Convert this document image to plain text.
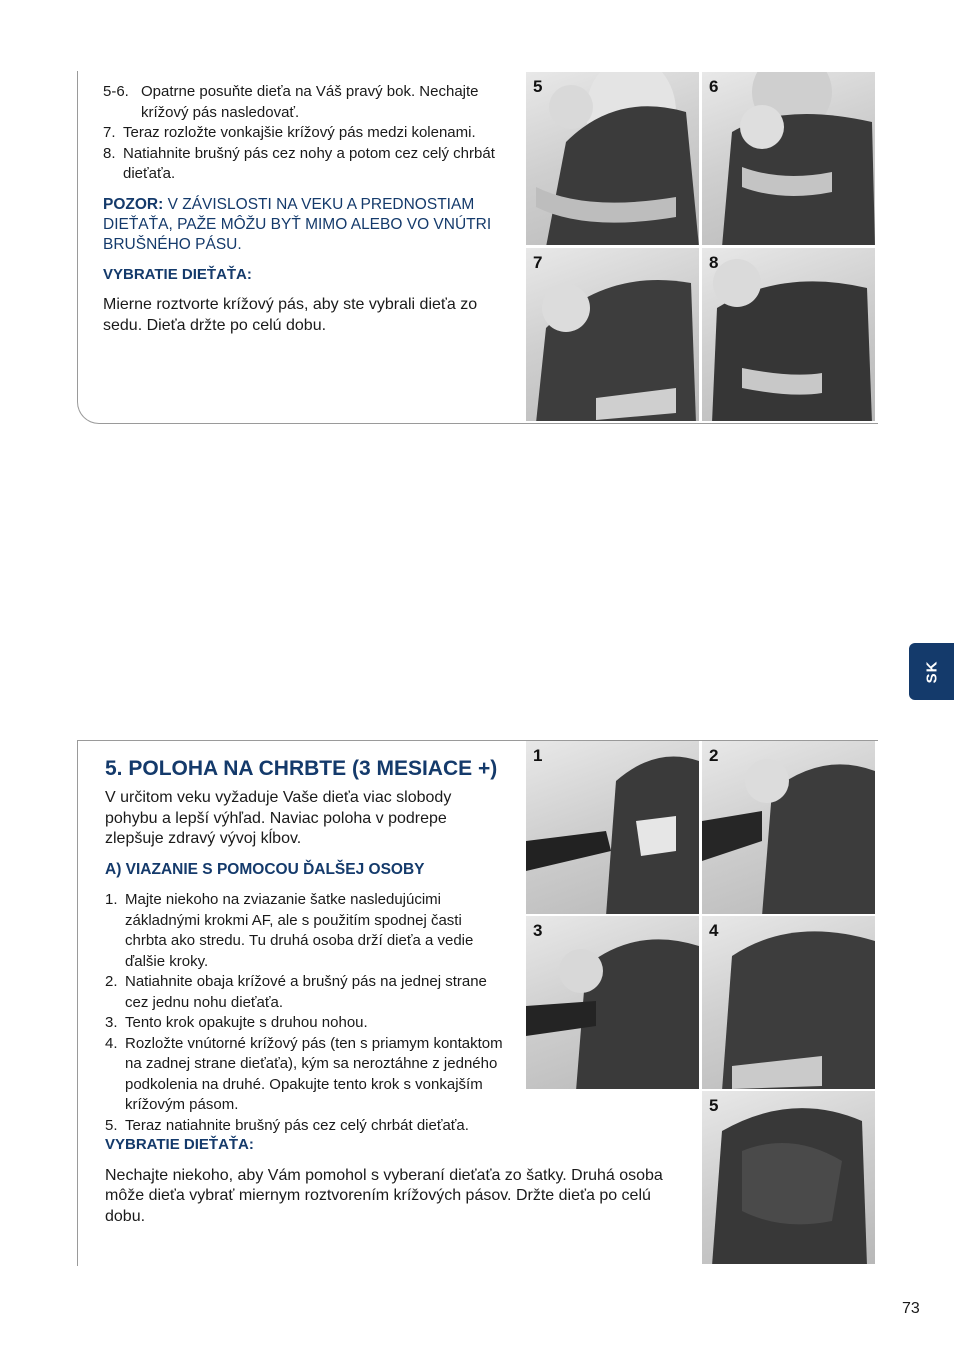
5-6. Opatrne posuňte dieťa na Váš pravý bok. Nechajte krížový pás nasledovať.
7. Teraz rozložte vonkajšie krížový pás medzi kolenami.
8. Natiahnite brušný pás cez nohy a potom cez celý chrbát dieťaťa.
POZOR: V ZÁVISLOSTI NA VEKU A PREDNOSTIAM DIEŤAŤA, PAŽE MÔŽU BYŤ MIMO ALEBO VO VNÚTRI BRUŠNÉHO PÁSU.
VYBRATIE DIEŤAŤA:
Mierne roztvorte krížový pás, aby ste vybrali dieťa zo sedu. Dieťa držte po celú dobu.
5	6
7	8
SK
5. POLOHA NA CHRBTE (3 MESIACE +)
V určitom veku vyžaduje Vaše dieťa viac slobody pohybu a lepší výhľad. Naviac poloha v podrepe zlepšuje zdravý vývoj kĺbov.
A) VIAZANIE S POMOCOU ĎALŠEJ OSOBY
1. Majte niekoho na zviazanie šatke nasledujúcimi základnými krokmi AF, ale s použitím spodnej časti chrbta ako stredu. Tu druhá osoba drží dieťa a vedie ďalšie kroky.
2. Natiahnite obaja krížové a brušný pás na jednej strane cez jednu nohu dieťaťa.
3. Tento krok opakujte s druhou nohou.
4. Rozložte vnútorné krížový pás (ten s priamym kontaktom na zadnej strane dieťaťa), kým sa neroztáhne z jedného podkolenia na druhé. Opakujte tento krok s vonkajším krížovým pásom.
5. Teraz natiahnite brušný pás cez celý chrbát dieťaťa.
VYBRATIE DIEŤAŤA:
Nechajte niekoho, aby Vám pomohol s vyberaní dieťaťa zo šatky. Druhá osoba môže dieťa vybrať miernym roztvorením krížových pásov. Držte dieťa po celú dobu.
1	2
3	4
5
73
